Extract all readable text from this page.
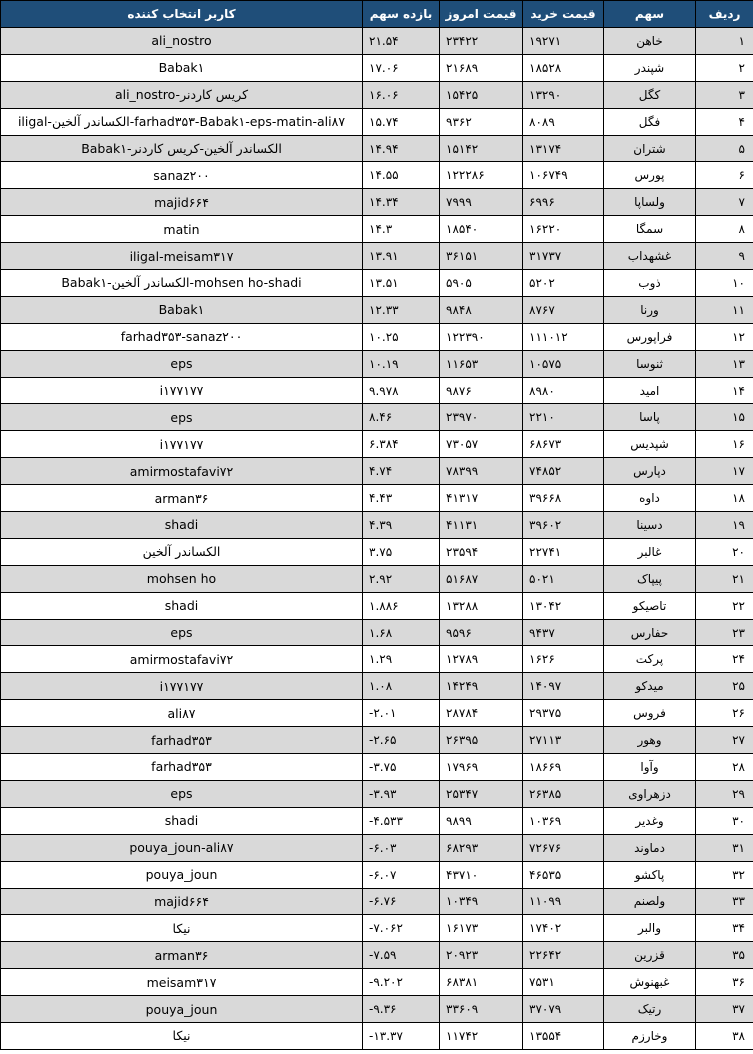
ردیف	سهم	قیمت خرید	قیمت امروز	بازده سهم	کاربر انتخاب کننده
۱	خاهن	۱۹۲۷۱	۲۳۴۲۲	۲۱.۵۴	ali_nostro
۲	شپندر	۱۸۵۲۸	۲۱۶۸۹	۱۷.۰۶	Babak۱
۳	کگل	۱۳۲۹۰	۱۵۴۲۵	۱۶.۰۶	ali_nostro-کریس کاردنر
۴	فگل	۸۰۸۹	۹۳۶۲	۱۵.۷۴	iligal-الکساندر آلخین-farhad۳۵۳-Babak۱-eps-matin-ali۸۷
۵	شتران	۱۳۱۷۴	۱۵۱۴۲	۱۴.۹۴	Babak۱-الکساندر آلخین-کریس کاردنر
۶	پورس	۱۰۶۷۴۹	۱۲۲۲۸۶	۱۴.۵۵	sanaz۲۰۰
۷	ولساپا	۶۹۹۶	۷۹۹۹	۱۴.۳۴	majid۶۶۴
۸	سمگا	۱۶۲۲۰	۱۸۵۴۰	۱۴.۳	matin
۹	غشهداب	۳۱۷۳۷	۳۶۱۵۱	۱۳.۹۱	iligal-meisam۳۱۷
۱۰	ذوب	۵۲۰۲	۵۹۰۵	۱۳.۵۱	Babak۱-الکساندر آلخین-mohsen ho-shadi
۱۱	ورنا	۸۷۶۷	۹۸۴۸	۱۲.۳۳	Babak۱
۱۲	فراپورس	۱۱۱۰۱۲	۱۲۲۳۹۰	۱۰.۲۵	farhad۳۵۳-sanaz۲۰۰
۱۳	ثنوسا	۱۰۵۷۵	۱۱۶۵۳	۱۰.۱۹	eps
۱۴	امید	۸۹۸۰	۹۸۷۶	۹.۹۷۸	i۱۷۷۱۷۷
۱۵	پاسا	۲۲۱۰	۲۳۹۷۰	۸.۴۶	eps
۱۶	شپدیس	۶۸۶۷۳	۷۳۰۵۷	۶.۳۸۴	i۱۷۷۱۷۷
۱۷	دپارس	۷۴۸۵۲	۷۸۳۹۹	۴.۷۴	amirmostafavi۷۲
۱۸	داوه	۳۹۶۶۸	۴۱۳۱۷	۴.۴۳	arman۳۶
۱۹	دسینا	۳۹۶۰۲	۴۱۱۳۱	۴.۳۹	shadi
۲۰	غالبر	۲۲۷۴۱	۲۳۵۹۴	۳.۷۵	الکساندر آلخین
۲۱	پیپاک	۵۰۲۱	۵۱۶۸۷	۲.۹۲	mohsen ho
۲۲	تاصیکو	۱۳۰۴۲	۱۳۲۸۸	۱.۸۸۶	shadi
۲۳	حفارس	۹۴۳۷	۹۵۹۶	۱.۶۸	eps
۲۴	پرکت	۱۶۲۶	۱۲۷۸۹	۱.۲۹	amirmostafavi۷۲
۲۵	میدکو	۱۴۰۹۷	۱۴۲۴۹	۱.۰۸	i۱۷۷۱۷۷
۲۶	فروس	۲۹۳۷۵	۲۸۷۸۴	-۲.۰۱	ali۸۷
۲۷	وهور	۲۷۱۱۳	۲۶۳۹۵	-۲.۶۵	farhad۳۵۳
۲۸	وآوا	۱۸۶۶۹	۱۷۹۶۹	-۳.۷۵	farhad۳۵۳
۲۹	دزهراوی	۲۶۳۸۵	۲۵۳۴۷	-۳.۹۳	eps
۳۰	وغدیر	۱۰۳۶۹	۹۸۹۹	-۴.۵۳۳	shadi
۳۱	دماوند	۷۲۶۷۶	۶۸۲۹۳	-۶.۰۳	pouya_joun-ali۸۷
۳۲	پاکشو	۴۶۵۳۵	۴۳۷۱۰	-۶.۰۷	pouya_joun
۳۳	ولصنم	۱۱۰۹۹	۱۰۳۴۹	-۶.۷۶	majid۶۶۴
۳۴	والبر	۱۷۴۰۲	۱۶۱۷۳	-۷.۰۶۲	نیکا
۳۵	قزرین	۲۲۶۴۲	۲۰۹۲۳	-۷.۵۹	arman۳۶
۳۶	غبهنوش	۷۵۳۱	۶۸۳۸۱	-۹.۲۰۲	meisam۳۱۷
۳۷	رتیک	۳۷۰۷۹	۳۳۶۰۹	-۹.۳۶	pouya_joun
۳۸	وخارزم	۱۳۵۵۴	۱۱۷۴۲	-۱۳.۳۷	نیکا
